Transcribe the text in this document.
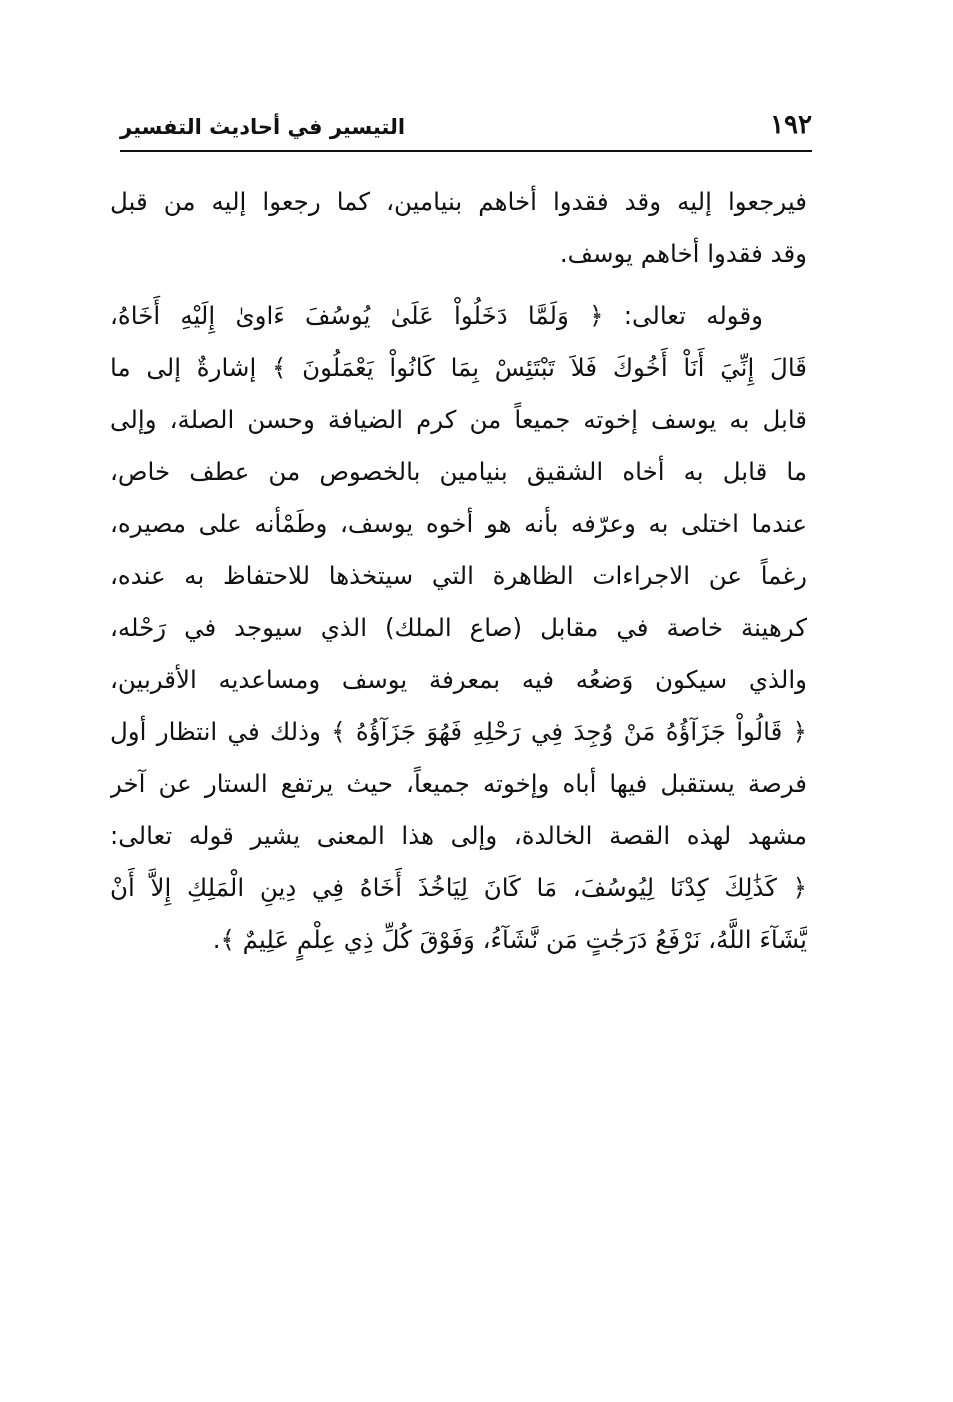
١٩٢
التيسير في أحاديث التفسير
فيرجعوا إليه وقد فقدوا أخاهم بنيامين، كما رجعوا إليه من قبل
وقد فقدوا أخاهم يوسف.
وقوله تعالى: ﴿ وَلَمَّا دَخَلُواْ عَلَىٰ يُوسُفَ ءَاوىٰ إِلَيْهِ أَخَاهُ،
قَالَ إِنِّيَ أَنَاْ أَخُوكَ فَلاَ تَبْتَئِسْ بِمَا كَانُواْ يَعْمَلُونَ ﴾ إشارةٌ إلى ما
قابل به يوسف إخوته جميعاً من كرم الضيافة وحسن الصلة، وإلى
ما قابل به أخاه الشقيق بنيامين بالخصوص من عطف خاص،
عندما اختلى به وعرّفه بأنه هو أخوه يوسف، وطَمْأنه على مصيره،
رغماً عن الاجراءات الظاهرة التي سيتخذها للاحتفاظ به عنده،
كرهينة خاصة في مقابل (صاع الملك) الذي سيوجد في رَحْله،
والذي سيكون وَضعُه فيه بمعرفة يوسف ومساعديه الأقربين،
﴿ قَالُواْ جَزَآؤُهُ مَنْ وُجِدَ فِي رَحْلِهِ فَهُوَ جَزَآؤُهُ ﴾ وذلك في انتظار أول
فرصة يستقبل فيها أباه وإخوته جميعاً، حيث يرتفع الستار عن آخر
مشهد لهذه القصة الخالدة، وإلى هذا المعنى يشير قوله تعالى:
﴿ كَذَٰلِكَ كِدْنَا لِيُوسُفَ، مَا كَانَ لِيَاخُذَ أَخَاهُ فِي دِينِ الْمَلِكِ إِلاَّ أَنْ
يَّشَآءَ اللَّهُ، نَرْفَعُ دَرَجَٰتٍ مَن نَّشَآءُ، وَفَوْقَ كُلِّ ذِي عِلْمٍ عَلِيمٌ ﴾.
